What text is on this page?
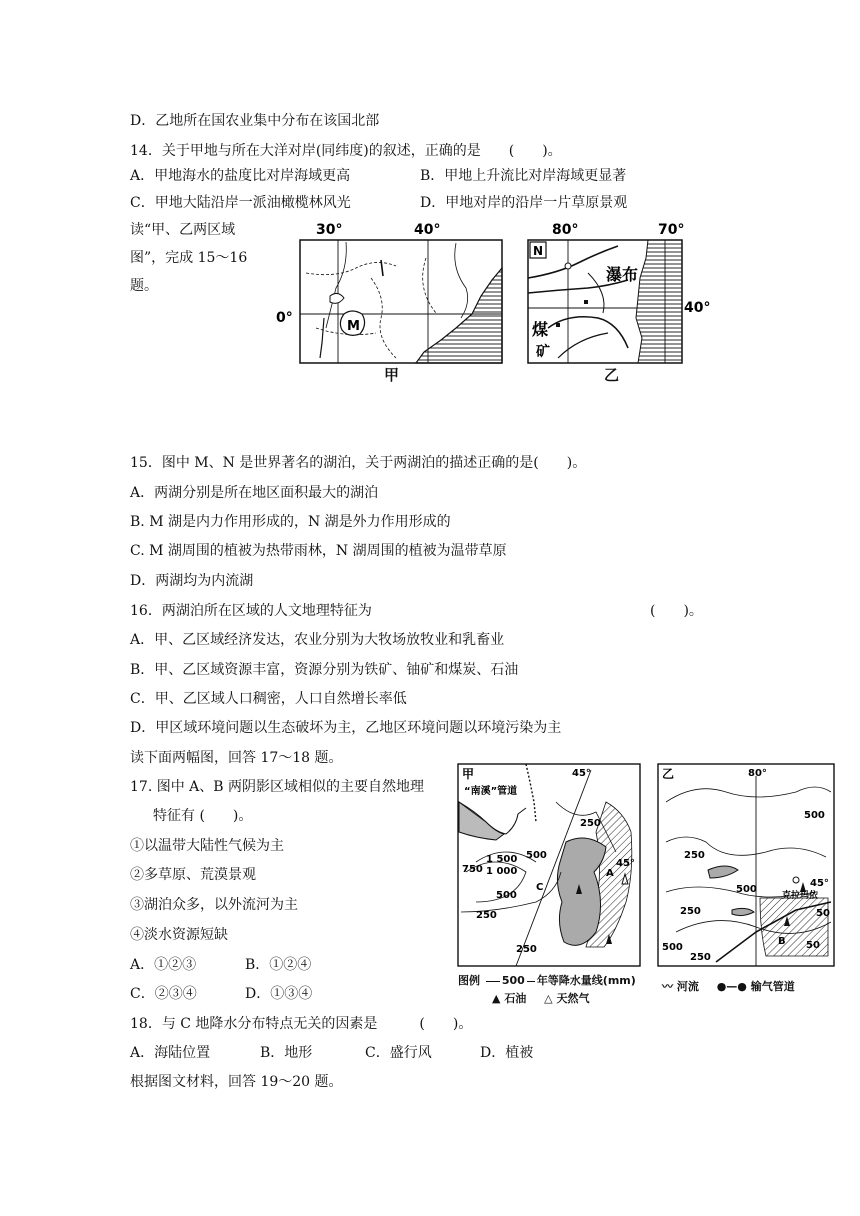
D．乙地所在国农业集中分布在该国北部
14．关于甲地与所在大洋对岸(同纬度)的叙述，正确的是　　(　　)。
A．甲地海水的盐度比对岸海域更高	B．甲地上升流比对岸海域更显著
C．甲地大陆沿岸一派油橄榄林风光	D．甲地对岸的沿岸一片草原景观
读“甲、乙两区域
图”，完成 15～16
题。
30°	40°
0°
M
甲
80°	70°
40°
N
瀑布
煤
矿
乙
15．图中 M、N 是世界著名的湖泊，关于两湖泊的描述正确的是(　　)。
A．两湖分别是所在地区面积最大的湖泊
B. M 湖是内力作用形成的，N 湖是外力作用形成的
C. M 湖周围的植被为热带雨林，N 湖周围的植被为温带草原
D．两湖均为内流湖
16．两湖泊所在区域的人文地理特征为	(　　)。
A．甲、乙区域经济发达，农业分别为大牧场放牧业和乳畜业
B．甲、乙区域资源丰富，资源分别为铁矿、铀矿和煤炭、石油
C．甲、乙区域人口稠密，人口自然增长率低
D．甲区域环境问题以生态破坏为主，乙地区环境问题以环境污染为主
读下面两幅图，回答 17～18 题。
17. 图中 A、B 两阴影区域相似的主要自然地理
特征有 (　　)。
①以温带大陆性气候为主
②多草原、荒漠景观
③湖泊众多，以外流河为主
④淡水资源短缺
A．①②③	B．①②④
C．②③④	D．①③④
18．与 C 地降水分布特点无关的因素是　　　(　　)。
A．海陆位置	B．地形	C．盛行风	D．植被
根据图文材料，回答 19～20 题。
甲
“南溪”管道
45°
45°
250
500
1 500
1 000
750
500
250
250
A
C
乙	80°
45°
克拉玛依
500
250
500
250
500
250
50
50
B
图例 500 年等降水量线(mm)
▲ 石油 △ 天然气
〰 河流 ●—● 输气管道
